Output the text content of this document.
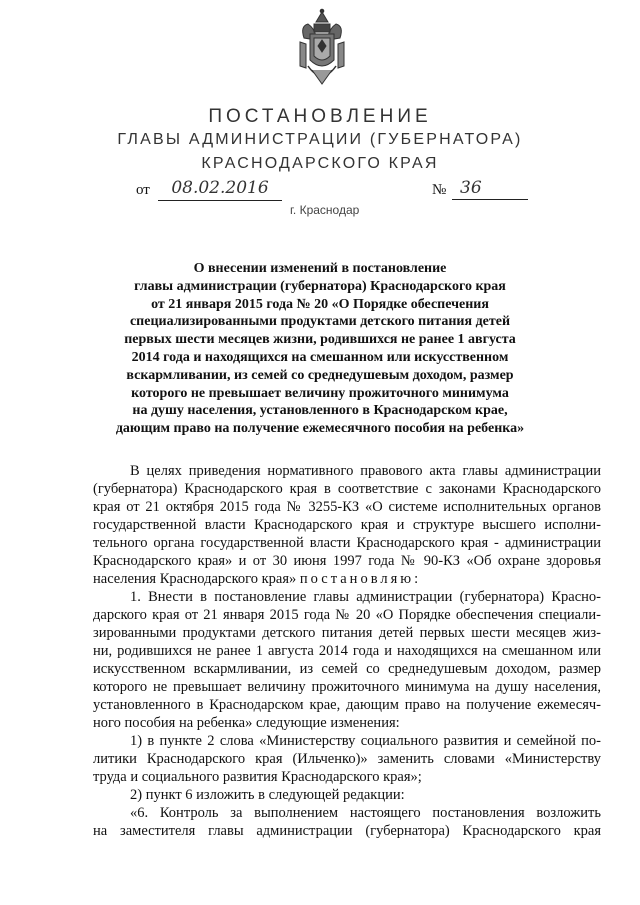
ПОСТАНОВЛЕНИЕ
ГЛАВЫ АДМИНИСТРАЦИИ (ГУБЕРНАТОРА)
КРАСНОДАРСКОГО КРАЯ
от	08.02.2016	№ 36
г. Краснодар
О внесении изменений в постановление
главы администрации (губернатора) Краснодарского края
от 21 января 2015 года № 20 «О Порядке обеспечения
специализированными продуктами детского питания детей
первых шести месяцев жизни, родившихся не ранее 1 августа
2014 года и находящихся на смешанном или искусственном
вскармливании, из семей со среднедушевым доходом, размер
которого не превышает величину прожиточного минимума
на душу населения, установленного в Краснодарском крае,
дающим право на получение ежемесячного пособия на ребенка»
В целях приведения нормативного правового акта главы администрации
(губернатора) Краснодарского края в соответствие с законами Краснодарского
края от 21 октября 2015 года № 3255-КЗ «О системе исполнительных органов
государственной власти Краснодарского края и структуре высшего исполни-
тельного органа государственной власти Краснодарского края - администрации
Краснодарского края» и от 30 июня 1997 года № 90-КЗ «Об охране здоровья
населения Краснодарского края» постановляю:
1. Внести в постановление главы администрации (губернатора) Красно-
дарского края от 21 января 2015 года № 20 «О Порядке обеспечения специали-
зированными продуктами детского питания детей первых шести месяцев жиз-
ни, родившихся не ранее 1 августа 2014 года и находящихся на смешанном или
искусственном вскармливании, из семей со среднедушевым доходом, размер
которого не превышает величину прожиточного минимума на душу населения,
установленного в Краснодарском крае, дающим право на получение ежемесяч-
ного пособия на ребенка» следующие изменения:
1) в пункте 2 слова «Министерству социального развития и семейной по-
литики Краснодарского края (Ильченко)» заменить словами «Министерству
труда и социального развития Краснодарского края»;
2) пункт 6 изложить в следующей редакции:
«6. Контроль за выполнением настоящего постановления возложить
на заместителя главы администрации (губернатора) Краснодарского края
